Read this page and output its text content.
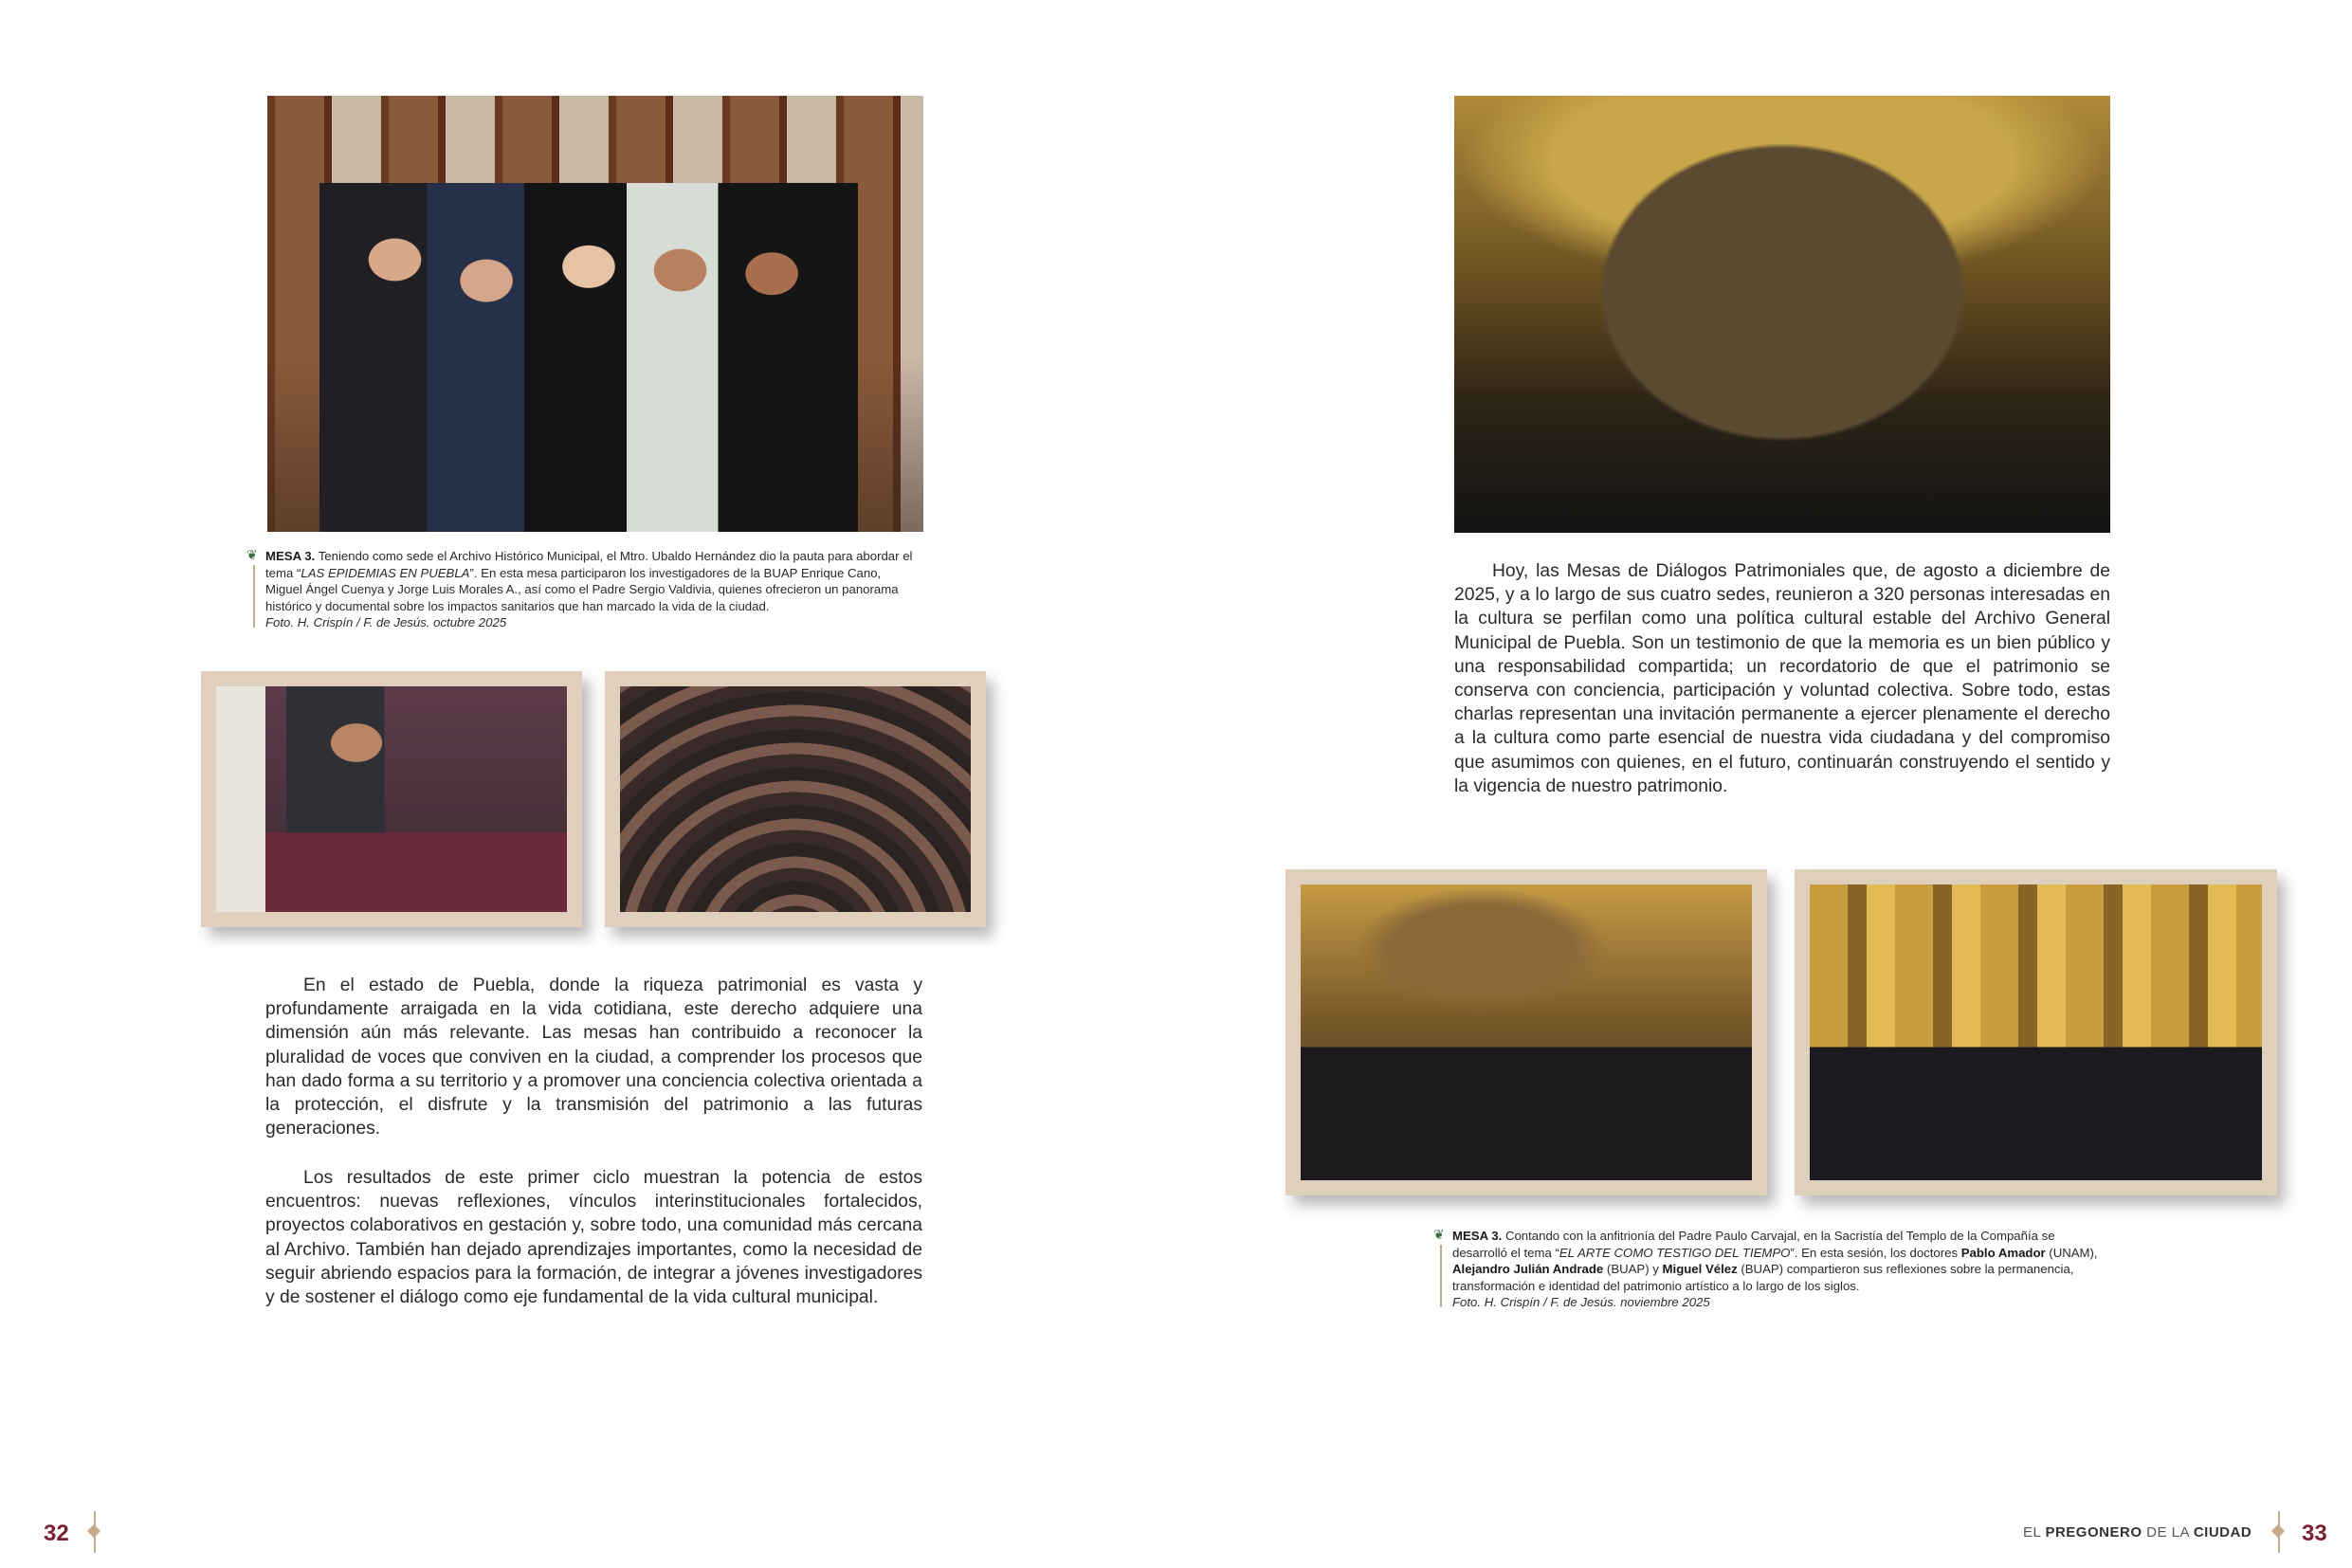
❦ MESA 3. Teniendo como sede el Archivo Histórico Municipal, el Mtro. Ubaldo Hernández dio la pauta para abordar el tema “LAS EPIDEMIAS EN PUEBLA”. En esta mesa participaron los investigadores de la BUAP Enrique Cano, Miguel Ángel Cuenya y Jorge Luis Morales A., así como el Padre Sergio Valdivia, quienes ofrecieron un panorama histórico y documental sobre los impactos sanitarios que han marcado la vida de la ciudad.
Foto. H. Crispín / F. de Jesús. octubre 2025
En el estado de Puebla, donde la riqueza patrimonial es vasta y profundamente arraigada en la vida cotidiana, este derecho adquiere una dimensión aún más relevante. Las mesas han contribuido a reconocer la pluralidad de voces que conviven en la ciudad, a comprender los procesos que han dado forma a su territorio y a promover una conciencia colectiva orientada a la protección, el disfrute y la transmisión del patrimonio a las futuras generaciones.
Los resultados de este primer ciclo muestran la potencia de estos encuentros: nuevas reflexiones, vínculos interinstitucionales fortalecidos, proyectos colaborativos en gestación y, sobre todo, una comunidad más cercana al Archivo. También han dejado aprendizajes importantes, como la necesidad de seguir abriendo espacios para la formación, de integrar a jóvenes investigadores y de sostener el diálogo como eje fundamental de la vida cultural municipal.
32
Hoy, las Mesas de Diálogos Patrimoniales que, de agosto a diciembre de 2025, y a lo largo de sus cuatro sedes, reunieron a 320 personas interesadas en la cultura se perfilan como una política cultural estable del Archivo General Municipal de Puebla. Son un testimonio de que la memoria es un bien público y una responsabilidad compartida; un recordatorio de que el patrimonio se conserva con conciencia, participación y voluntad colectiva. Sobre todo, estas charlas representan una invitación permanente a ejercer plenamente el derecho a la cultura como parte esencial de nuestra vida ciudadana y del compromiso que asumimos con quienes, en el futuro, continuarán construyendo el sentido y la vigencia de nuestro patrimonio.
❦ MESA 3. Contando con la anfitrionía del Padre Paulo Carvajal, en la Sacristía del Templo de la Compañía se desarrolló el tema “EL ARTE COMO TESTIGO DEL TIEMPO”. En esta sesión, los doctores Pablo Amador (UNAM), Alejandro Julián Andrade (BUAP) y Miguel Vélez (BUAP) compartieron sus reflexiones sobre la permanencia, transformación e identidad del patrimonio artístico a lo largo de los siglos.
Foto. H. Crispín / F. de Jesús. noviembre 2025
EL PREGONERO DE LA CIUDAD 33
